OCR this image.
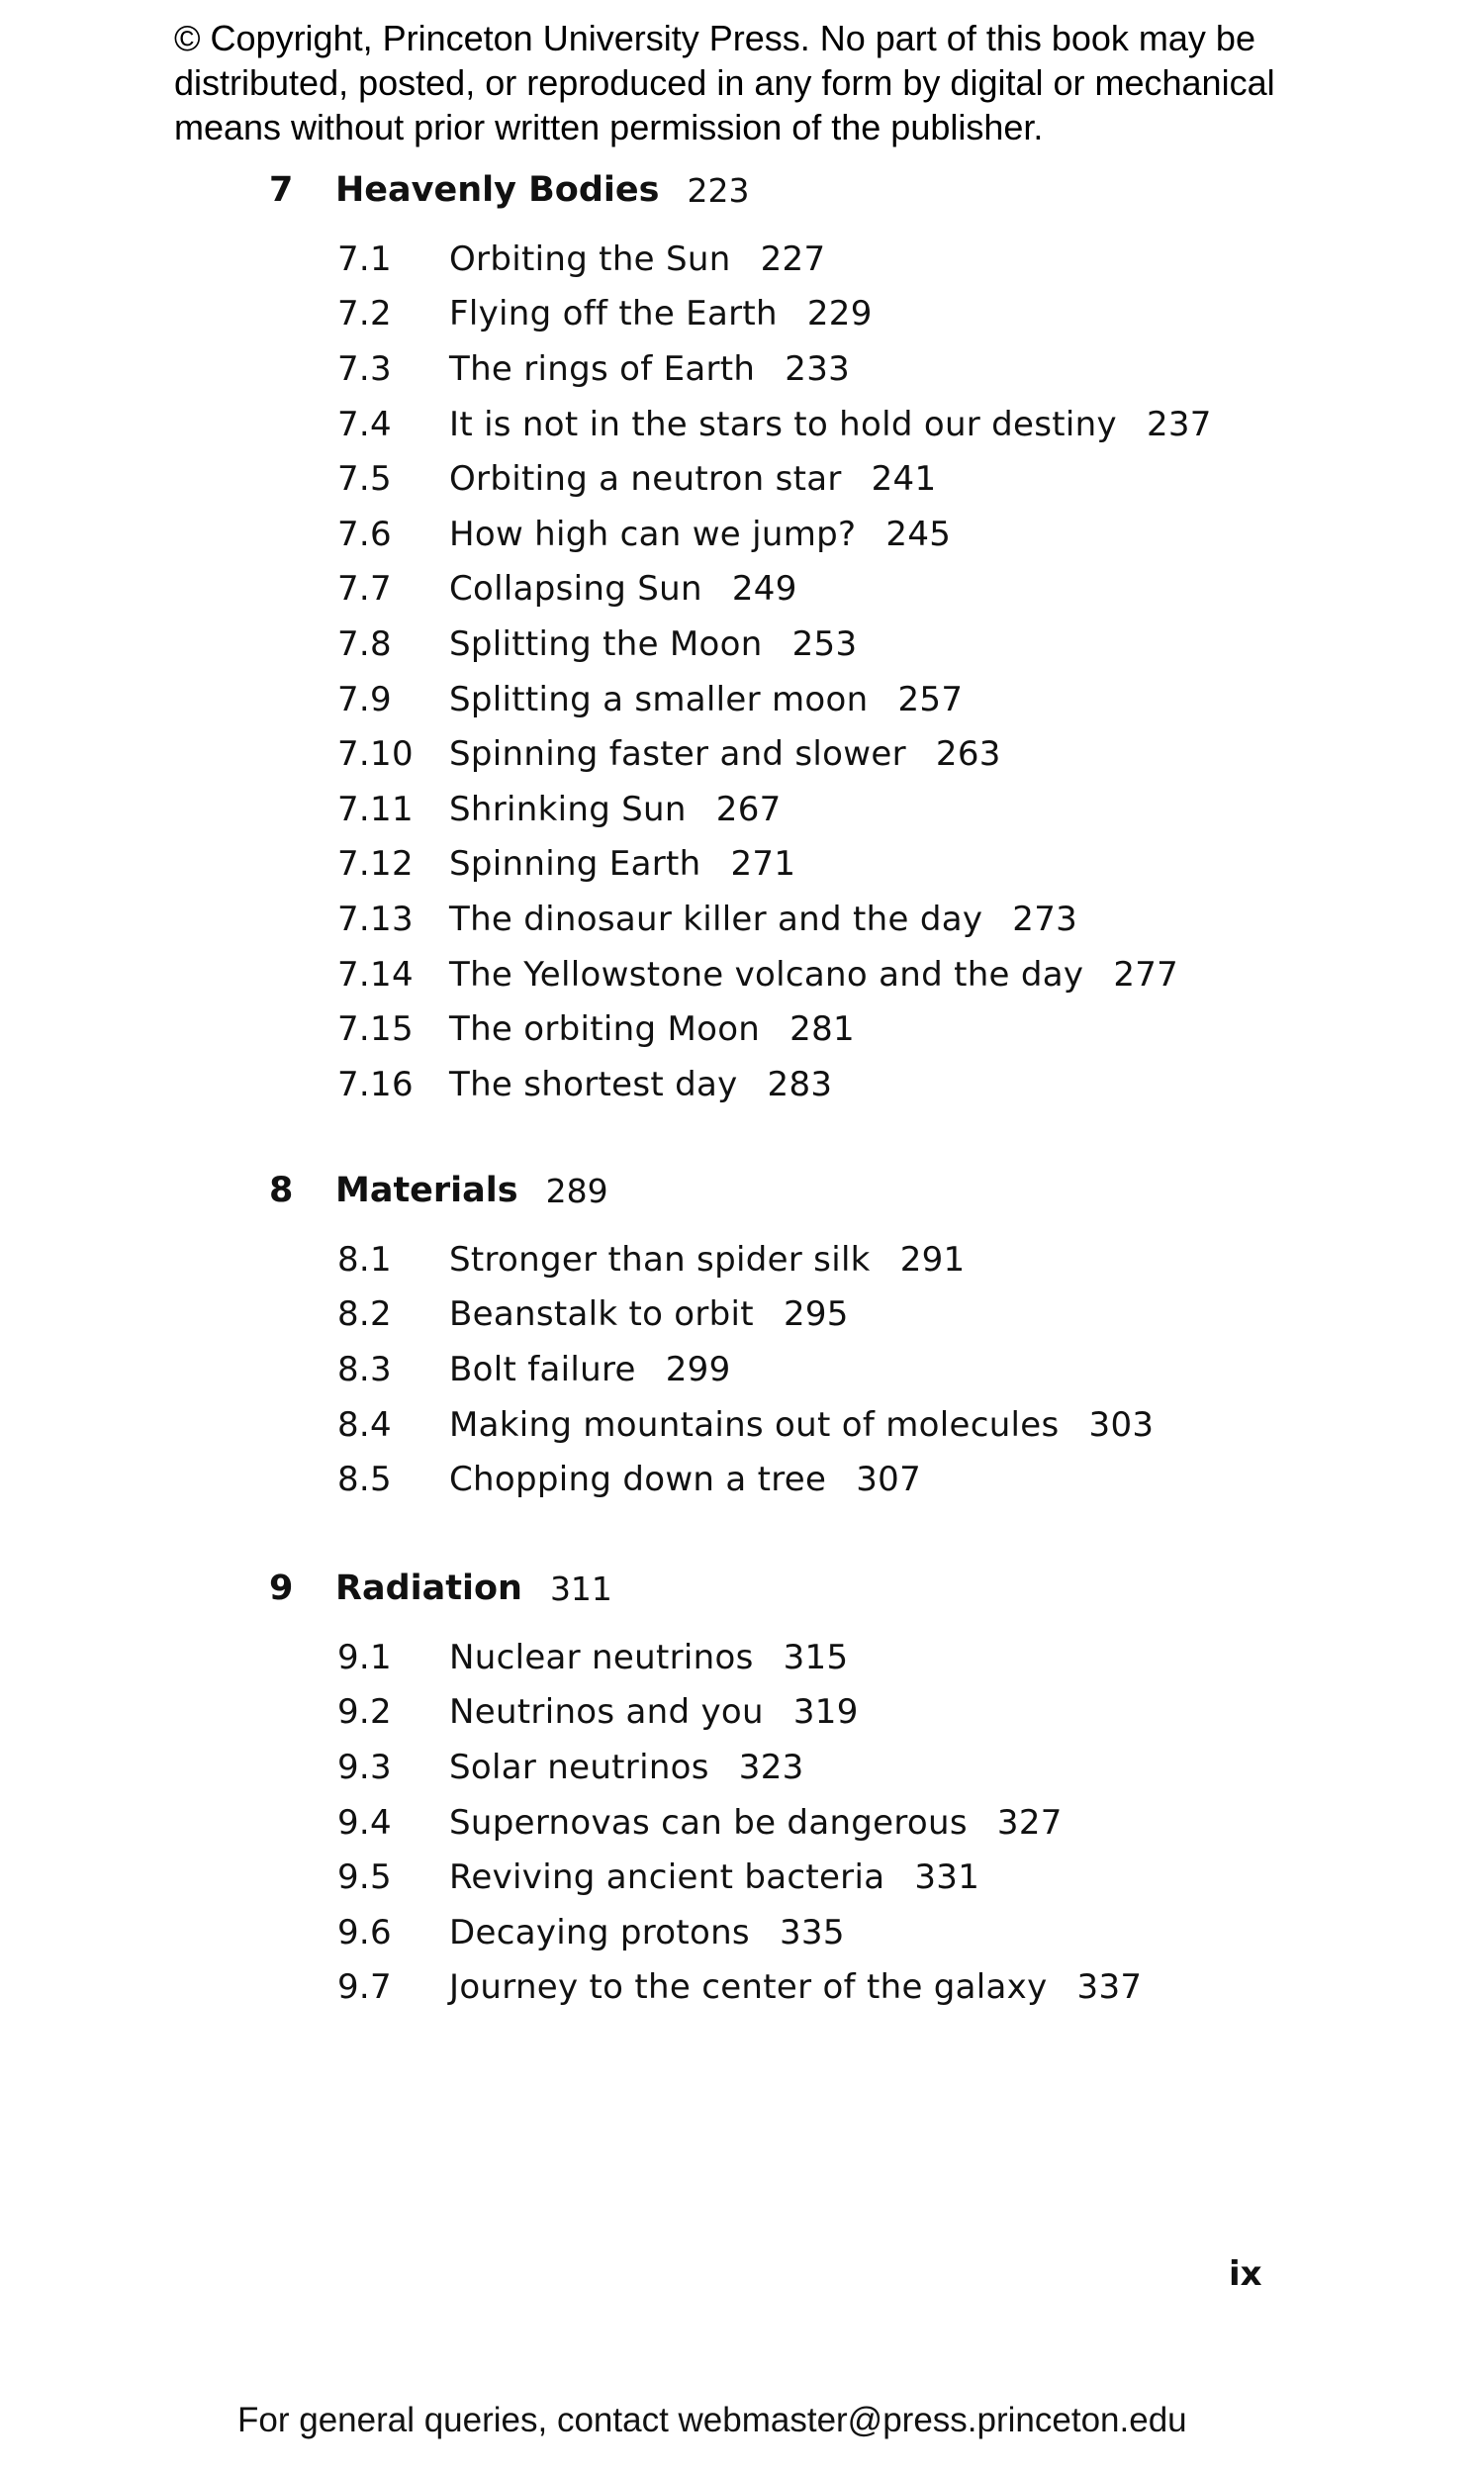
© Copyright, Princeton University Press. No part of this book may be distributed, posted, or reproduced in any form by digital or mechanical means without prior written permission of the publisher.
7	Heavenly Bodies 223
7.1	Orbiting the Sun 227
7.2	Flying off the Earth 229
7.3	The rings of Earth 233
7.4	It is not in the stars to hold our destiny 237
7.5	Orbiting a neutron star 241
7.6	How high can we jump? 245
7.7	Collapsing Sun 249
7.8	Splitting the Moon 253
7.9	Splitting a smaller moon 257
7.10	Spinning faster and slower 263
7.11	Shrinking Sun 267
7.12	Spinning Earth 271
7.13	The dinosaur killer and the day 273
7.14	The Yellowstone volcano and the day 277
7.15	The orbiting Moon 281
7.16	The shortest day 283
8	Materials 289
8.1	Stronger than spider silk 291
8.2	Beanstalk to orbit 295
8.3	Bolt failure 299
8.4	Making mountains out of molecules 303
8.5	Chopping down a tree 307
9	Radiation 311
9.1	Nuclear neutrinos 315
9.2	Neutrinos and you 319
9.3	Solar neutrinos 323
9.4	Supernovas can be dangerous 327
9.5	Reviving ancient bacteria 331
9.6	Decaying protons 335
9.7	Journey to the center of the galaxy 337
ix
For general queries, contact webmaster@press.princeton.edu
